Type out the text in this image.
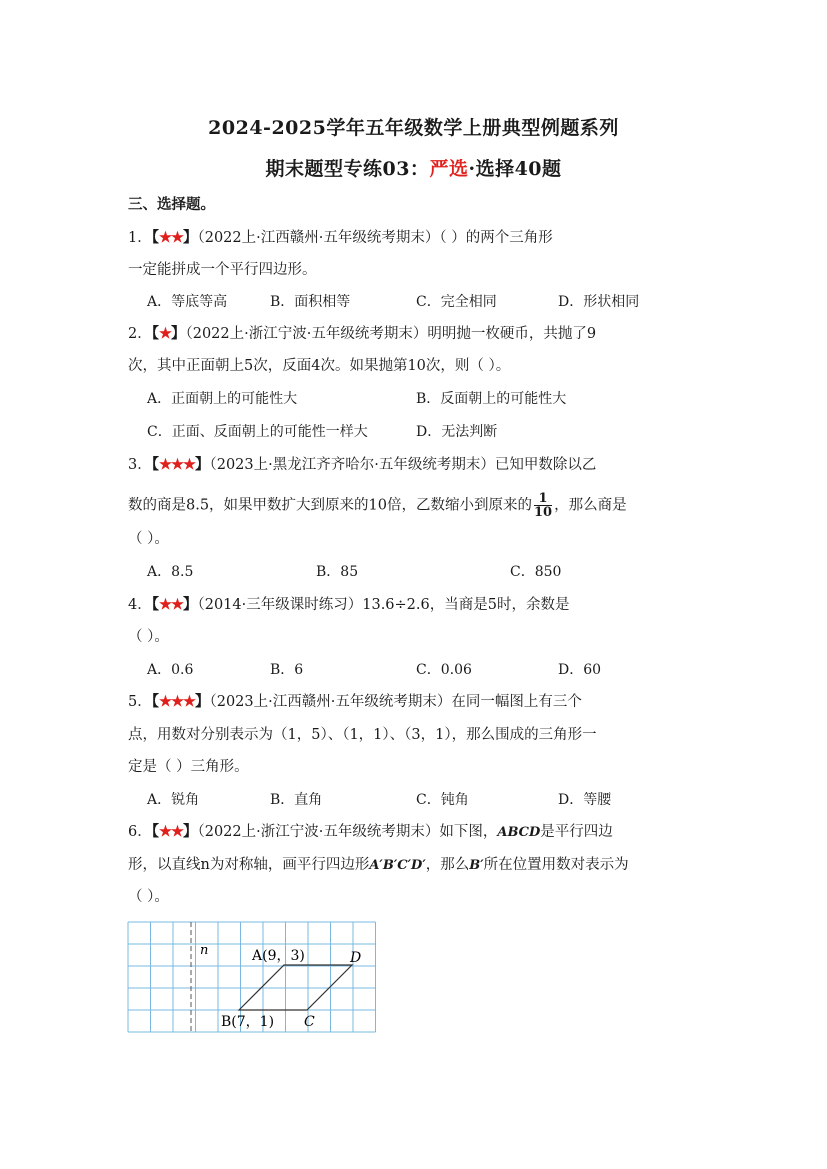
2024-2025学年五年级数学上册典型例题系列
期末题型专练03：严选·选择40题
三、选择题。
1．【★★】（2022上·江西赣州·五年级统考期末）（ ）的两个三角形
一定能拼成一个平行四边形。
A．等底等高	B．面积相等	C．完全相同	D．形状相同
2．【★】（2022上·浙江宁波·五年级统考期末）明明抛一枚硬币，共抛了9
次，其中正面朝上5次，反面4次。如果抛第10次，则（ ）。
A．正面朝上的可能性大	B．反面朝上的可能性大
C．正面、反面朝上的可能性一样大	D．无法判断
3．【★★★】（2023上·黑龙江齐齐哈尔·五年级统考期末）已知甲数除以乙
数的商是8.5，如果甲数扩大到原来的10倍，乙数缩小到原来的 $\frac{1}{10}$ ，那么商是
（ ）。
A．8.5	B．85	C．850
4．【★★】（2014·三年级课时练习）13.6÷2.6，当商是5时，余数是
（ ）。
A．0.6	B．6	C．0.06	D．60
5．【★★★】（2023上·江西赣州·五年级统考期末）在同一幅图上有三个
点，用数对分别表示为（1，5）、（1，1）、（3，1），那么围成的三角形一
定是（ ）三角形。
A．锐角	B．直角	C．钝角	D．等腰
6．【★★】（2022上·浙江宁波·五年级统考期末）如下图，ABCD是平行四边
形，以直线n为对称轴，画平行四边形A′B′C′D′，那么B′所在位置用数对表示为
（ ）。
n	A(9，3)	D
B(7，1) C
